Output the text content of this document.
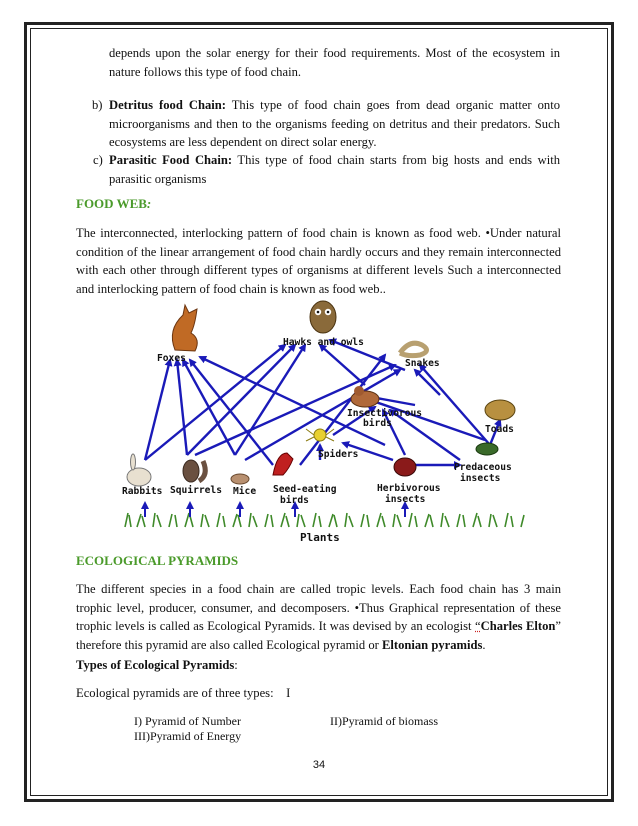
depends upon the solar energy for their food requirements. Most of the ecosystem in nature follows this type of food chain.
b) Detritus food Chain: This type of food chain goes from dead organic matter onto microorganisms and then to the organisms feeding on detritus and their predators. Such ecosystems are less dependent on direct solar energy.
c) Parasitic Food Chain: This type of food chain starts from big hosts and ends with parasitic organisms
FOOD WEB:
The interconnected, interlocking pattern of food chain is known as food web. •Under natural condition of the linear arrangement of food chain hardly occurs and they remain interconnected with each other through different types of organisms at different levels Such a interconnected and interlocking pattern of food chain is known as food web..
Foxes
Hawks and owls
Snakes
Insectivorous
birds
Toads
Spiders
Predaceous
insects
Rabbits Squirrels Mice Seed-eating
birds
Herbivorous
insects
Plants
ECOLOGICAL PYRAMIDS
The different species in a food chain are called tropic levels. Each food chain has 3 main trophic level, producer, consumer, and decomposers. •Thus Graphical representation of these trophic levels is called as Ecological Pyramids. It was devised by an ecologist “Charles Elton” therefore this pyramid are also called Ecological pyramid or Eltonian pyramids.
Types of Ecological Pyramids:
Ecological pyramids are of three types:    I
I) Pyramid of Number	II)Pyramid of biomass
III)Pyramid of Energy
34
